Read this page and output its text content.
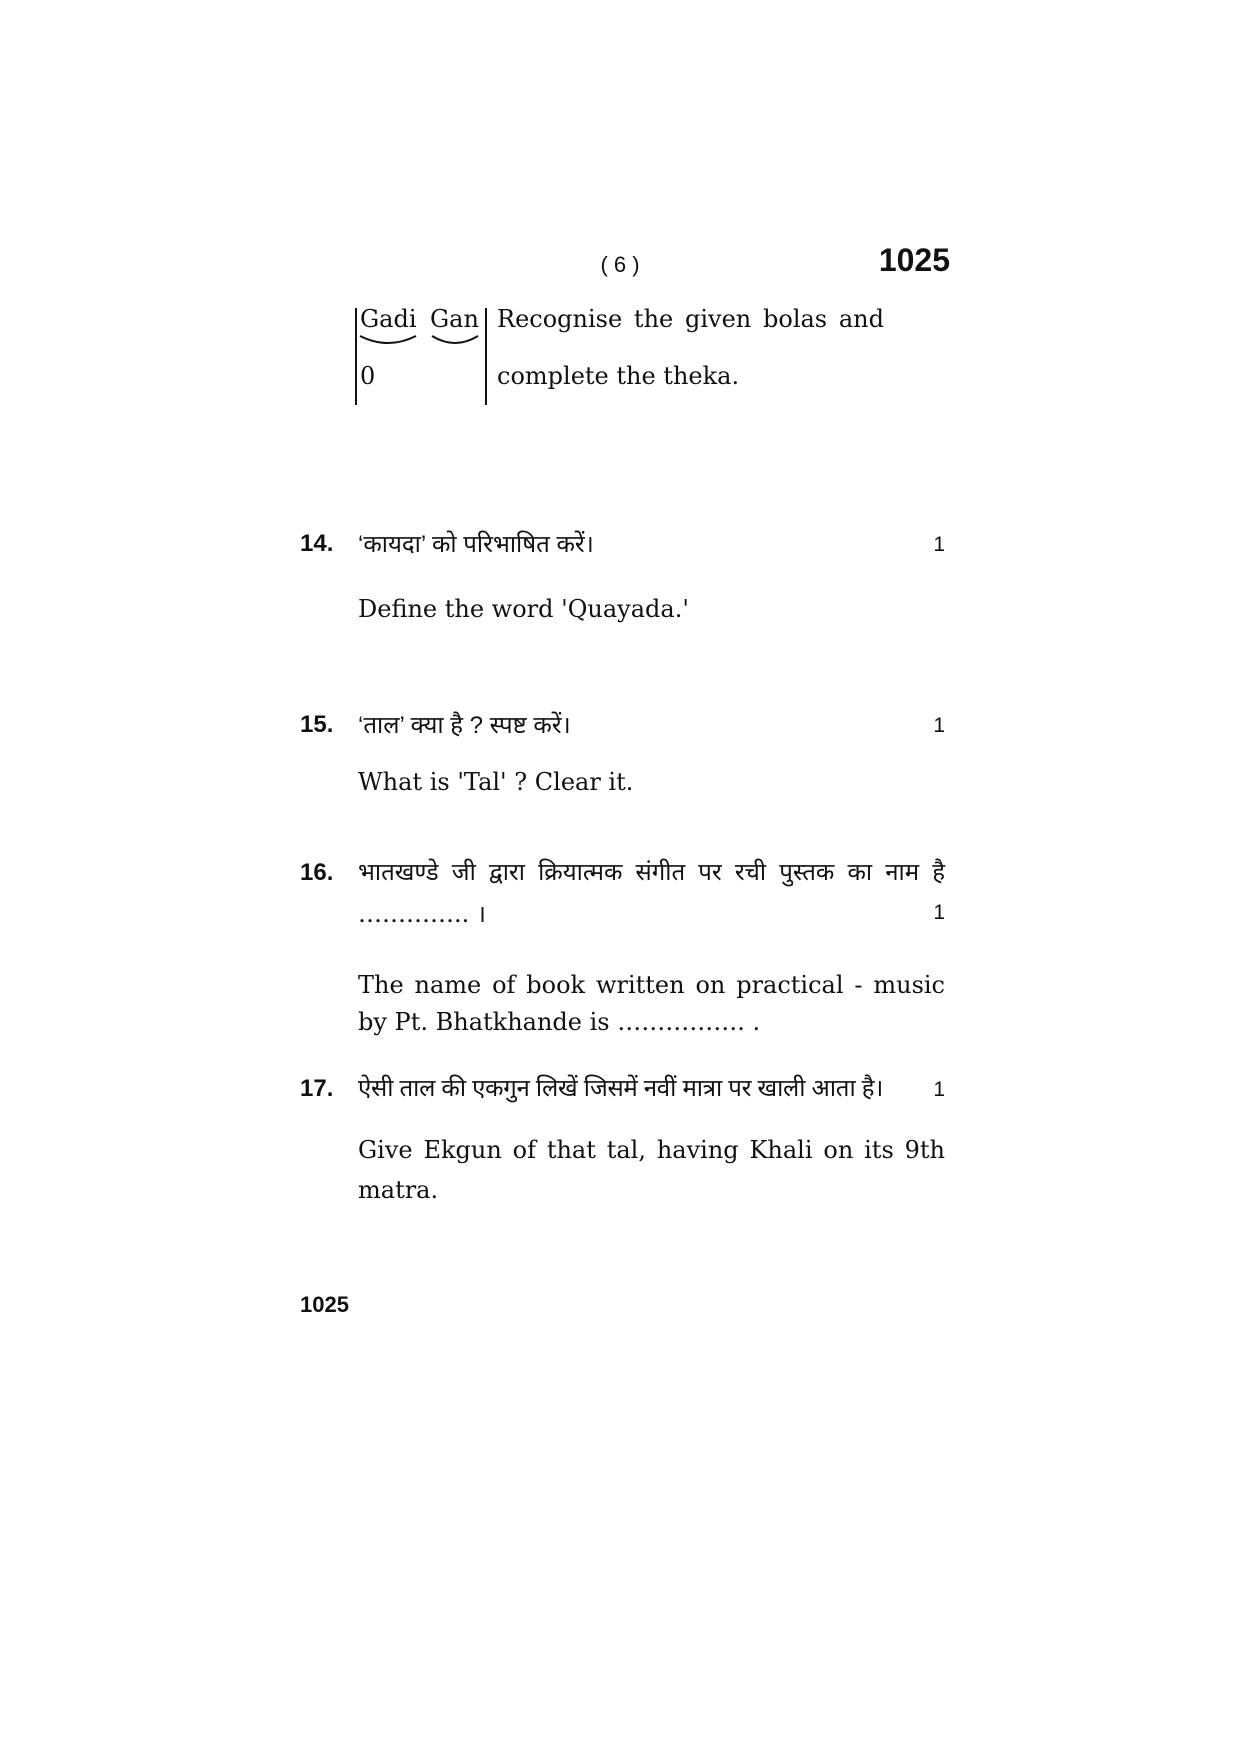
( 6 )	1025
Gadi Gan
0
Recognise the given bolas and
complete the theka.
14. ‘कायदा’ को परिभाषित करें।	1
Define the word 'Quayada.'
15. ‘ताल’ क्या है ? स्पष्ट करें।	1
What is 'Tal' ? Clear it.
16. भातखण्डे जी द्वारा क्रियात्मक संगीत पर रची पुस्तक का नाम है
………….. ।	1
The name of book written on practical - music
by Pt. Bhatkhande is ……………. .
17. ऐसी ताल की एकगुन लिखें जिसमें नवीं मात्रा पर खाली आता है।	1
Give Ekgun of that tal, having Khali on its 9th
matra.
1025
